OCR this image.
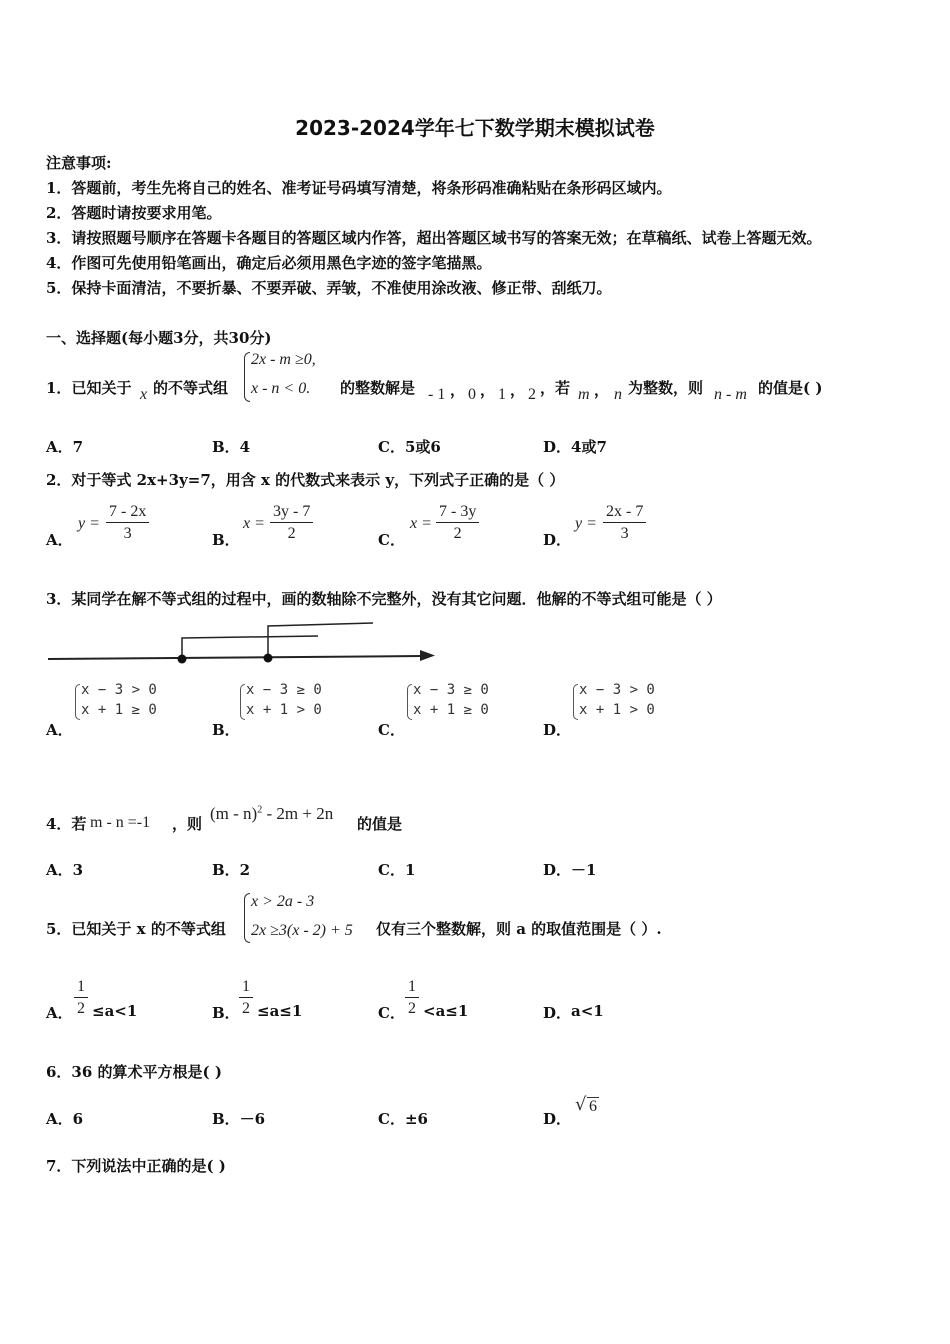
2023-2024学年七下数学期末模拟试卷
注意事项:
1．答题前，考生先将自己的姓名、准考证号码填写清楚，将条形码准确粘贴在条形码区域内。
2．答题时请按要求用笔。
3．请按照题号顺序在答题卡各题目的答题区域内作答，超出答题区域书写的答案无效；在草稿纸、试卷上答题无效。
4．作图可先使用铅笔画出，确定后必须用黑色字迹的签字笔描黑。
5．保持卡面清洁，不要折暴、不要弄破、弄皱，不准使用涂改液、修正带、刮纸刀。
一、选择题(每小题3分，共30分)
1．已知关于 x 的不等式组
2x - m ≥0,
x - n < 0. 的整数解是 - 1 ， 0 ， 1 ， 2 ，若 m ， n 为整数，则 n - m 的值是( )
A．7	B．4	C．5或6	D．4或7
2．对于等式 2x+3y=7，用含 x 的代数式来表示 y，下列式子正确的是（ ）
A．
$y = \frac{7 - 2x}{3}$	B．
$x = \frac{3y - 7}{2}$	C．
$x = \frac{7 - 3y}{2}$	D．
$y = \frac{2x - 7}{3}$
3．某同学在解不等式组的过程中，画的数轴除不完整外，没有其它问题．他解的不等式组可能是（ ）
A．
x − 3 > 0
x + 1 ≥ 0
B．
x − 3 ≥ 0
x + 1 > 0
C．
x − 3 ≥ 0
x + 1 ≥ 0
D．
x − 3 > 0
x + 1 > 0
4．若 m - n =-1 ，则
(m - n)$^2$ - 2m + 2n
的值是
A．3	B．2	C．1	D．－1
5．已知关于 x 的不等式组
x > 2a - 3
2x ≥3(x - 2) + 5 仅有三个整数解，则 a 的取值范围是（ ）.
A． $\frac{1}{2} \le a<1$	B． $\frac{1}{2} \le a\le 1$	C． $\frac{1}{2} <a\le 1$	D． a<1
6．36 的算术平方根是( )
A．6	B．－6	C．±6	D．
√ 6
7．下列说法中正确的是( )
